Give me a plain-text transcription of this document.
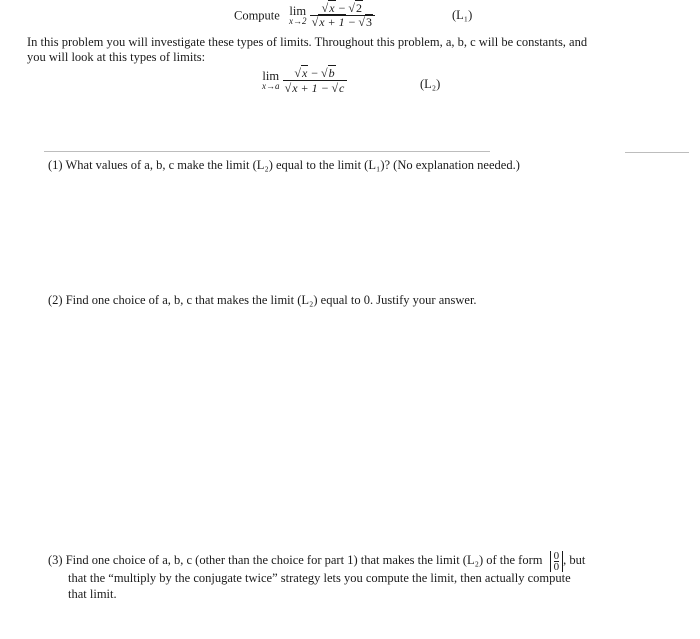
Compute lim
x→2
$\frac{√x - √2}{√x + 1 - √3}$	(L₁)
In this problem you will investigate these types of limits. Throughout this problem, a, b, c will be constants, and
you will look at this types of limits:
lim
x→a
$\frac{√x - √b}{√x + 1 - √c}$	(L₂)
(1) What values of a, b, c make the limit (L₂) equal to the limit (L₁)? (No explanation needed.)
(2) Find one choice of a, b, c that makes the limit (L₂) equal to 0. Justify your answer.
(3) Find one choice of a, b, c (other than the choice for part 1) that makes the limit (L₂) of the form $\frac{0}{0}$ , but
that the “multiply by the conjugate twice” strategy lets you compute the limit, then actually compute
that limit.
